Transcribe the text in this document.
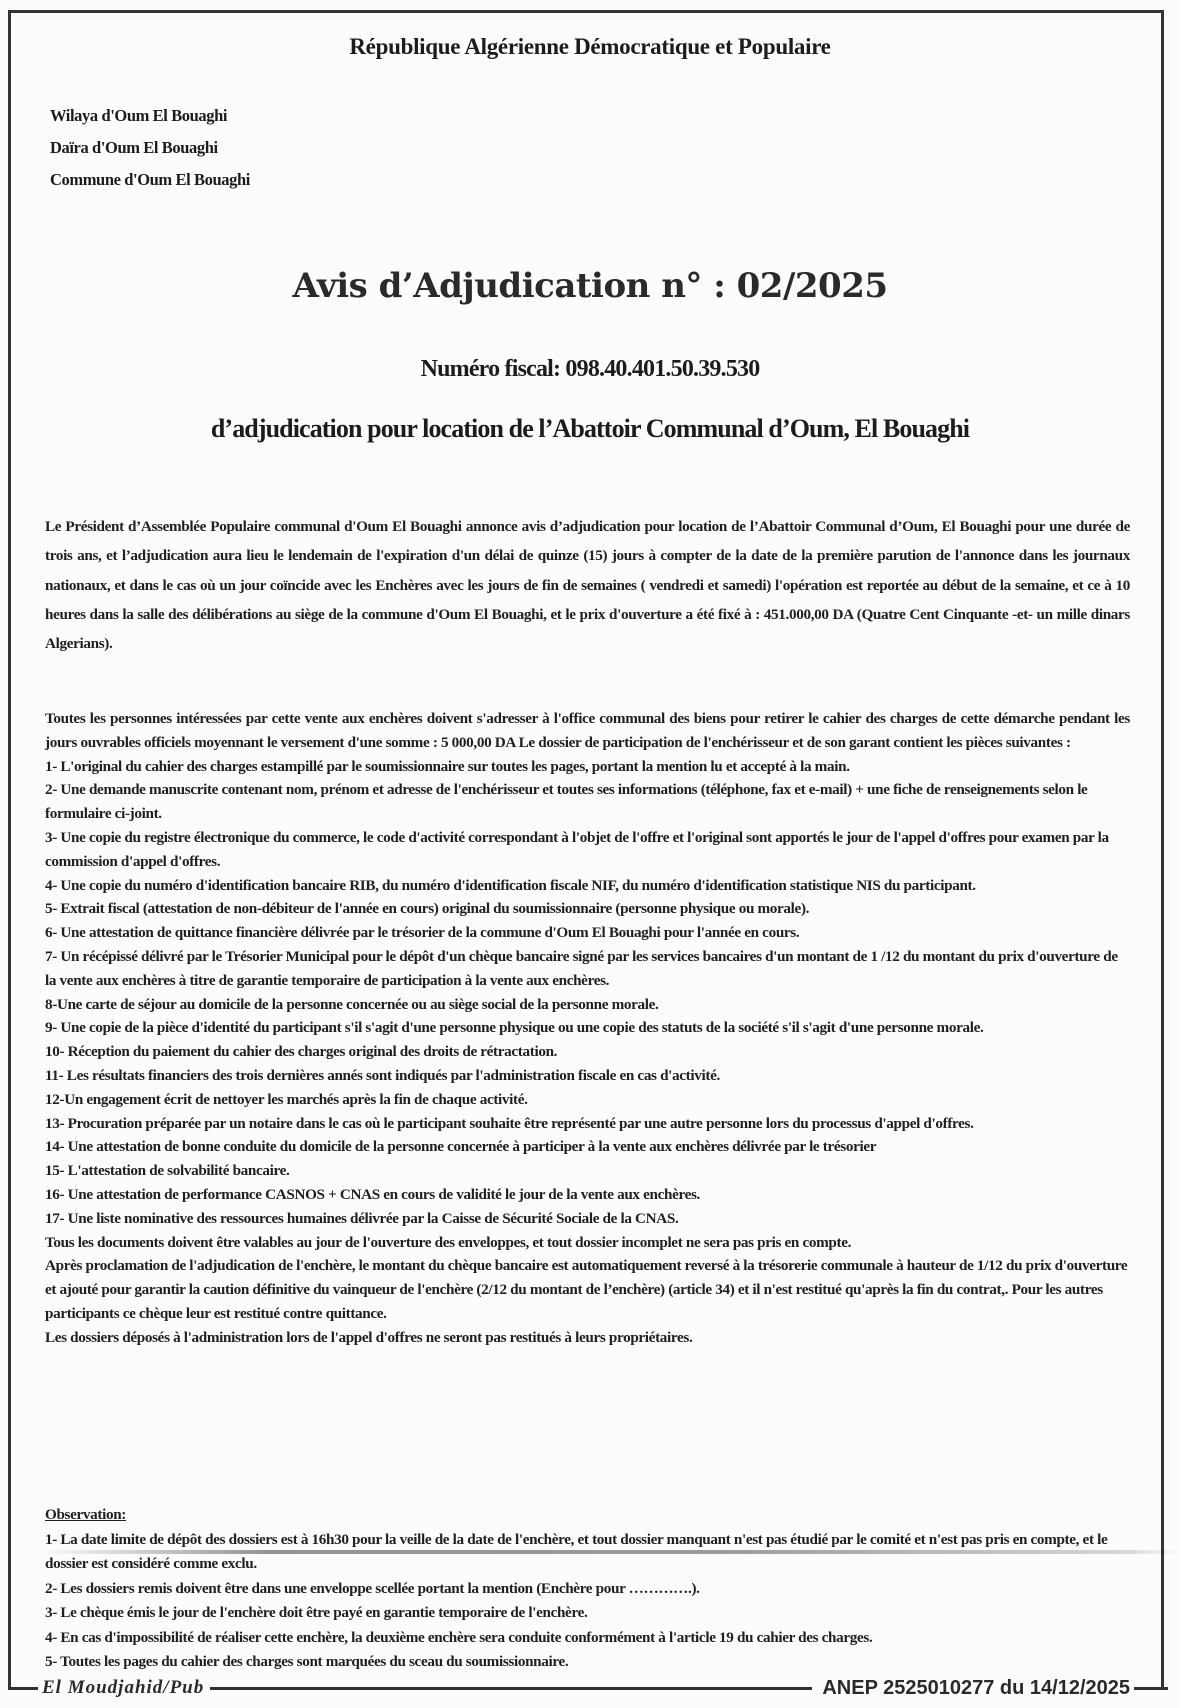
République Algérienne Démocratique et Populaire
Wilaya d'Oum El Bouaghi
Daïra d'Oum El Bouaghi
Commune d'Oum El Bouaghi
Avis d’Adjudication n° : 02/2025
Numéro fiscal: 098.40.401.50.39.530
d’adjudication pour location de l’Abattoir Communal d’Oum, El Bouaghi

Le Président d’Assemblée Populaire communal d'Oum El Bouaghi annonce avis d’adjudication pour location de l’Abattoir Communal d’Oum, El Bouaghi pour une durée de trois ans, et l’adjudication aura lieu le lendemain de l'expiration d'un délai de quinze (15) jours à compter de la date de la première parution de l'annonce dans les journaux nationaux, et dans le cas où un jour coïncide avec les Enchères avec les jours de fin de semaines ( vendredi et samedi) l'opération est reportée au début de la semaine, et ce à 10 heures dans la salle des délibérations au siège de la commune d'Oum El Bouaghi, et le prix d'ouverture a été fixé à : 451.000,00 DA (Quatre Cent Cinquante -et- un mille dinars Algerians).

Toutes les personnes intéressées par cette vente aux enchères doivent s'adresser à l'office communal des biens pour retirer le cahier des charges de cette démarche pendant les jours ouvrables officiels moyennant le versement d'une somme : 5 000,00 DA Le dossier de participation de l'enchérisseur et de son garant contient les pièces suivantes :

1- L'original du cahier des charges estampillé par le soumissionnaire sur toutes les pages, portant la mention lu et accepté à la main.

2- Une demande manuscrite contenant nom, prénom et adresse de l'enchérisseur et toutes ses informations (téléphone, fax et e-mail) + une fiche de renseignements selon le formulaire ci-joint.

3- Une copie du registre électronique du commerce, le code d'activité correspondant à l'objet de l'offre et l'original sont apportés le jour de l'appel d'offres pour examen par la commission d'appel d'offres.

4- Une copie du numéro d'identification bancaire RIB, du numéro d'identification fiscale NIF, du numéro d'identification statistique NIS du participant.

5- Extrait fiscal (attestation de non-débiteur de l'année en cours) original du soumissionnaire (personne physique ou morale).

6- Une attestation de quittance financière délivrée par le trésorier de la commune d'Oum El Bouaghi pour l'année en cours.

7- Un récépissé délivré par le Trésorier Municipal pour le dépôt d'un chèque bancaire signé par les services bancaires d'un montant de 1 /12 du montant du prix d'ouverture de la vente aux enchères à titre de garantie temporaire de participation à la vente aux enchères.

8-Une carte de séjour au domicile de la personne concernée ou au siège social de la personne morale.

9- Une copie de la pièce d'identité du participant s'il s'agit d'une personne physique ou une copie des statuts de la société s'il s'agit d'une personne morale.

10- Réception du paiement du cahier des charges original des droits de rétractation.

11- Les résultats financiers des trois dernières annés sont indiqués par l'administration fiscale en cas d'activité.

12-Un engagement écrit de nettoyer les marchés après la fin de chaque activité.

13- Procuration préparée par un notaire dans le cas où le participant souhaite être représenté par une autre personne lors du processus d'appel d'offres.

14- Une attestation de bonne conduite du domicile de la personne concernée à participer à la vente aux enchères délivrée par le trésorier

15- L'attestation de solvabilité bancaire.

16- Une attestation de performance CASNOS + CNAS en cours de validité le jour de la vente aux enchères.

17- Une liste nominative des ressources humaines délivrée par la Caisse de Sécurité Sociale de la CNAS.

Tous les documents doivent être valables au jour de l'ouverture des enveloppes, et tout dossier incomplet ne sera pas pris en compte.

Après proclamation de l'adjudication de l'enchère, le montant du chèque bancaire est automatiquement reversé à la trésorerie communale à hauteur de 1/12 du prix d'ouverture et ajouté pour garantir la caution définitive du vainqueur de l'enchère (2/12 du montant de l’enchère) (article 34) et il n'est restitué qu'après la fin du contrat,. Pour les autres participants ce chèque leur est restitué contre quittance.

Les dossiers déposés à l'administration lors de l'appel d'offres ne seront pas restitués à leurs propriétaires.

Observation:

1- La date limite de dépôt des dossiers est à 16h30 pour la veille de la date de l'enchère, et tout dossier manquant n'est pas étudié par le comité et n'est pas pris en compte, et le dossier est considéré comme exclu.

2- Les dossiers remis doivent être dans une enveloppe scellée portant la mention (Enchère pour ………….).

3- Le chèque émis le jour de l'enchère doit être payé en garantie temporaire de l'enchère.

4- En cas d'impossibilité de réaliser cette enchère, la deuxième enchère sera conduite conformément à l'article 19 du cahier des charges.

5- Toutes les pages du cahier des charges sont marquées du sceau du soumissionnaire.

El Moudjahid/Pub	ANEP 2525010277 du 14/12/2025
